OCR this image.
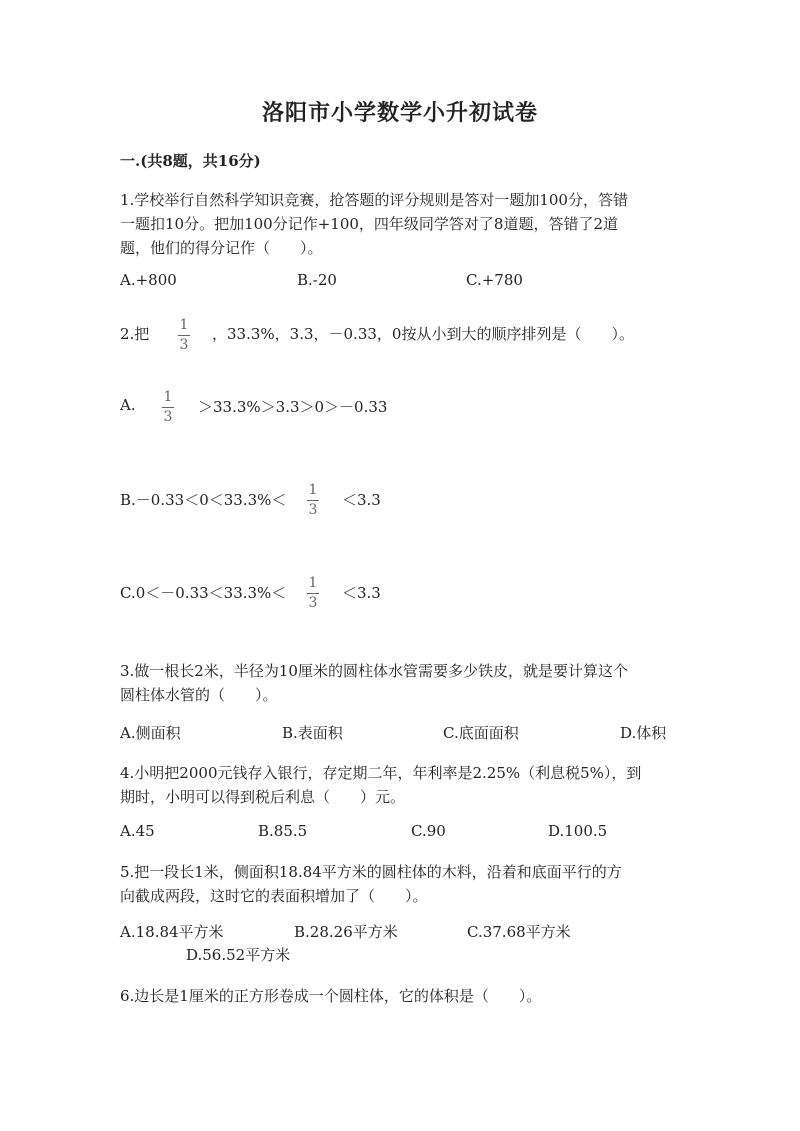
洛阳市小学数学小升初试卷
一.(共8题，共16分)
1.学校举行自然科学知识竞赛，抢答题的评分规则是答对一题加100分，答错
一题扣10分。把加100分记作+100，四年级同学答对了8道题，答错了2道
题，他们的得分记作（　　）。
A.+800	B.-20	C.+780
2.把 1
3
，33.3%，3.3，－0.33，0按从小到大的顺序排列是（　　）。
A. 1
3
＞33.3%＞3.3＞0＞－0.33
B.－0.33＜0＜33.3%＜
1
3
＜3.3
C.0＜－0.33＜33.3%＜
1
3
＜3.3
3.做一根长2米，半径为10厘米的圆柱体水管需要多少铁皮，就是要计算这个
圆柱体水管的（　　）。
A.侧面积	B.表面积	C.底面面积	D.体积
4.小明把2000元钱存入银行，存定期二年，年利率是2.25%（利息税5%），到
期时，小明可以得到税后利息（　　）元。
A.45	B.85.5	C.90	D.100.5
5.把一段长1米，侧面积18.84平方米的圆柱体的木料，沿着和底面平行的方
向截成两段，这时它的表面积增加了（　　）。
A.18.84平方米	B.28.26平方米	C.37.68平方米
D.56.52平方米
6.边长是1厘米的正方形卷成一个圆柱体，它的体积是（　　）。
